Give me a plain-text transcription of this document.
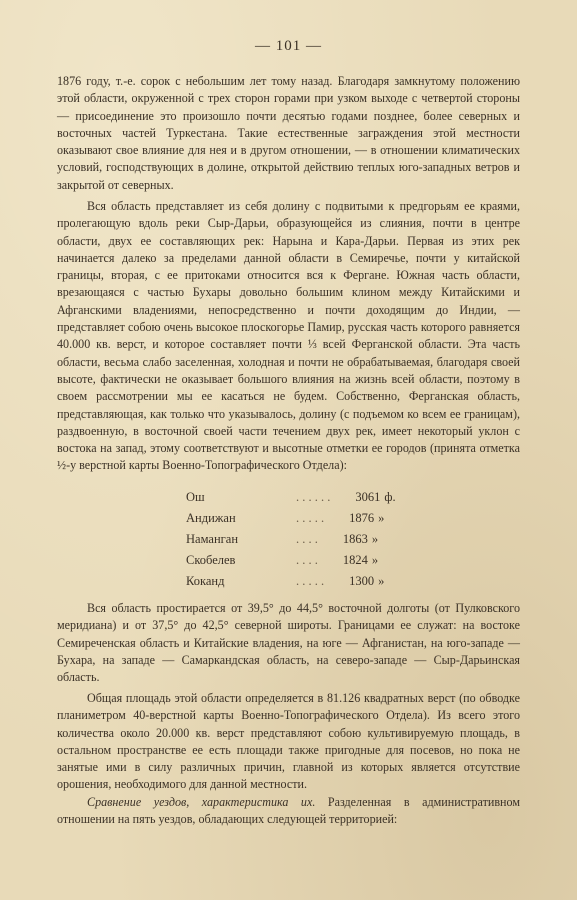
— 101 —

1876 году, т.-е. сорок с небольшим лет тому назад. Благодаря замкнутому положению этой области, окруженной с трех сторон горами при узком выходе с четвертой стороны — присоединение это произошло почти десятью годами позднее, более северных и восточных частей Туркестана. Такие естественные заграждения этой местности оказывают свое влияние для нея и в другом отношении, — в отношении климатических условий, господствующих в долине, открытой действию теплых юго-западных ветров и закрытой от северных.

Вся область представляет из себя долину с подвитыми к предгорьям ее краями, пролегающую вдоль реки Сыр-Дарьи, образующейся из слияния, почти в центре области, двух ее составляющих рек: Нарына и Кара-Дарьи. Первая из этих рек начинается далеко за пределами данной области в Семиречье, почти у китайской границы, вторая, с ее притоками относится вся к Фергане. Южная часть области, врезающаяся с частью Бухары довольно большим клином между Китайскими и Афганскими владениями, непосредственно и почти доходящим до Индии, — представляет собою очень высокое плоскогорье Памир, русская часть которого равняется 40.000 кв. верст, и которое составляет почти ⅓ всей Ферганской области. Эта часть области, весьма слабо заселенная, холодная и почти не обрабатываемая, благодаря своей высоте, фактически не оказывает большого влияния на жизнь всей области, поэтому в своем рассмотрении мы ее касаться не будем. Собственно, Ферганская область, представляющая, как только что указывалось, долину (с подъемом ко всем ее границам), раздвоенную, в восточной своей части течением двух рек, имеет некоторый уклон с востока на запад, этому соответствуют и высотные отметки ее городов (принята отметка ½-у верстной карты Военно-Топографического Отдела):

Ош	. . . . . .	3061 ф.
Андижан	. . . . .	1876 »
Наманган	. . . .	1863 »
Скобелев	. . . .	1824 »
Коканд	. . . . .	1300 »

Вся область простирается от 39,5° до 44,5° восточной долготы (от Пулковского меридиана) и от 37,5° до 42,5° северной широты. Границами ее служат: на востоке Семиреченская область и Китайские владения, на юге — Афганистан, на юго-западе — Бухара, на западе — Самаркандская область, на северо-западе — Сыр-Дарьинская область.

Общая площадь этой области определяется в 81.126 квадратных верст (по обводке планиметром 40-верстной карты Военно-Топографического Отдела). Из всего этого количества около 20.000 кв. верст представляют собою культивируемую площадь, в остальном пространстве ее есть площади также пригодные для посевов, но пока не занятые ими в силу различных причин, главной из которых является отсутствие орошения, необходимого для данной местности.

Сравнение уездов, характеристика их. Разделенная в административном отношении на пять уездов, обладающих следующей территорией:
